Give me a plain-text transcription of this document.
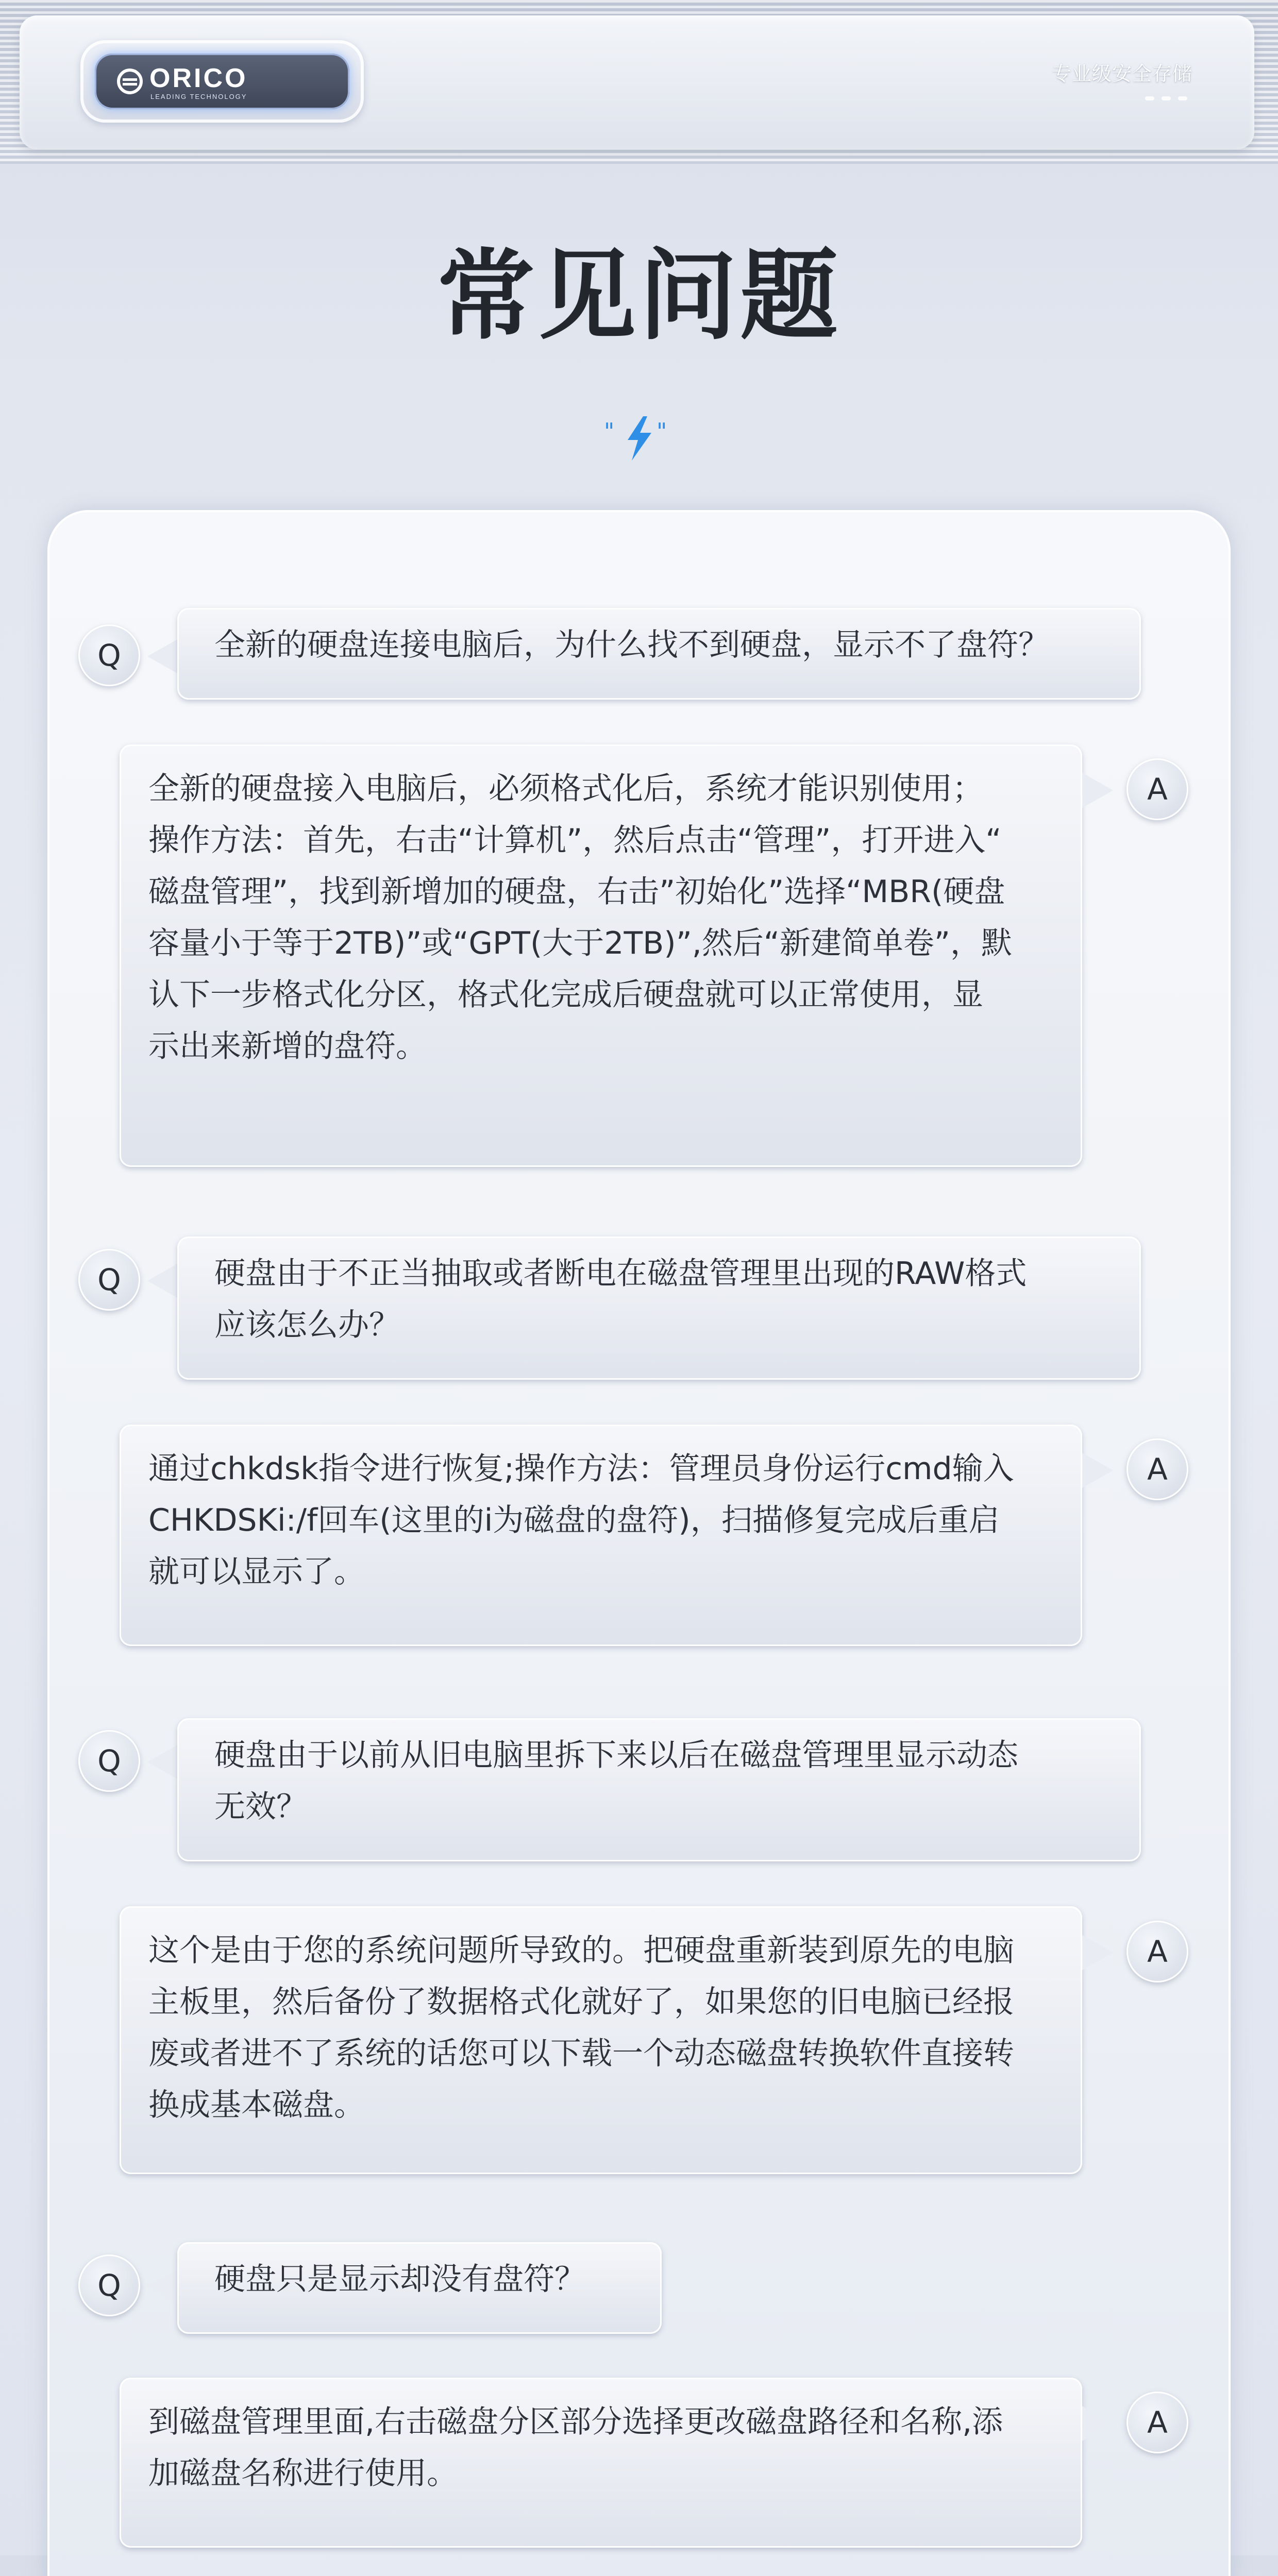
ORICO
LEADING TECHNOLOGY
专业级安全存储
常见问题
" "
Q	全新的硬盘连接电脑后，为什么找不到硬盘，显示不了盘符？
全新的硬盘接入电脑后，必须格式化后，系统才能识别使用；
操作方法：首先，右击“计算机”，然后点击“管理”，打开进入“
磁盘管理”，找到新增加的硬盘，右击”初始化”选择“MBR(硬盘
容量小于等于2TB)”或“GPT(大于2TB)”,然后“新建简单卷”，默
认下一步格式化分区，格式化完成后硬盘就可以正常使用，显
示出来新增的盘符。
A
Q	硬盘由于不正当抽取或者断电在磁盘管理里出现的RAW格式
应该怎么办？
通过chkdsk指令进行恢复;操作方法：管理员身份运行cmd输入
CHKDSKi:/f回车(这里的i为磁盘的盘符)，扫描修复完成后重启
就可以显示了。
A
Q	硬盘由于以前从旧电脑里拆下来以后在磁盘管理里显示动态
无效？
这个是由于您的系统问题所导致的。把硬盘重新装到原先的电脑
主板里，然后备份了数据格式化就好了，如果您的旧电脑已经报
废或者进不了系统的话您可以下载一个动态磁盘转换软件直接转
换成基本磁盘。
A
Q	硬盘只是显示却没有盘符？
到磁盘管理里面,右击磁盘分区部分选择更改磁盘路径和名称,添
加磁盘名称进行使用。
A
